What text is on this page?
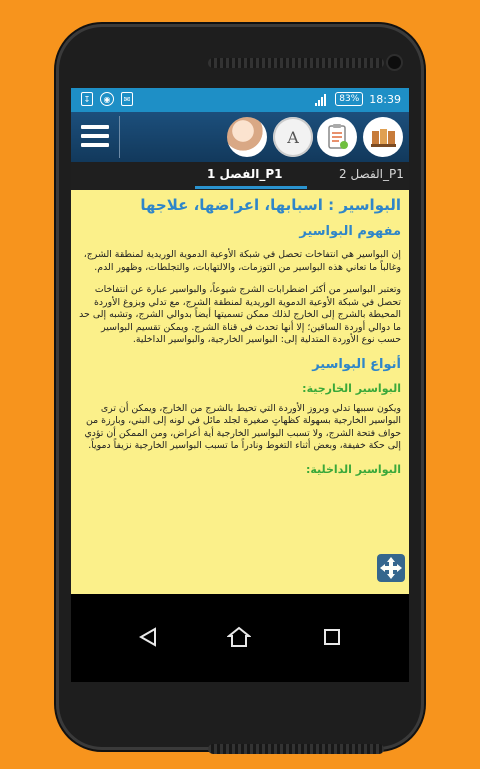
↧	◉	✉	83% 18:39
A
الفصل 2_P1
الفصل 1_P1
البواسير : اسبابها، اعراضها، علاجها
مفهوم البواسير

إن البواسير هي انتفاخات تحصل في شبكة الأوعية الدموية الوريدية لمنطقة الشرج، وغالباً ما تعاني هذه البواسير من التوزمات، والالتهابات، والتجلطات، وظهور الدم.

وتعتبر البواسير من أكثر اضطرابات الشرج شيوعاً، والبواسير عبارة عن انتفاخات تحصل في شبكة الأوعية الدموية الوريدية لمنطقة الشرج، مع تدلي وبزوغ الأوردة المحيطة بالشرج إلى الخارج لذلك ممكن تسميتها أيضاً بدوالي الشرج، وتشبه إلى حد ما دوالي أوردة الساقين؛ إلا أنها تحدث في قناة الشرج. ويمكن تقسيم البواسير حسب نوع الأوردة المتدلية إلى: البواسير الخارجية، والبواسير الداخلية.

أنواع البواسير
البواسير الخارجية:

ويكون سببها تدلي وبروز الأوردة التي تحيط بالشرج من الخارج، ويمكن أن ترى البواسير الخارجية بسهولة كظهاتٍ صغيرة لجلد مائل في لونه إلى البني، وبارزة من حواف فتحة الشرج، ولا تسبب البواسير الخارجية أية أعراض، ومن الممكن أن تؤدي إلى حكة خفيفة، وبعض أثناء التغوط ونادراً ما تسبب البواسير الخارجية نزيفاً دموياً.

البواسير الداخلية:
